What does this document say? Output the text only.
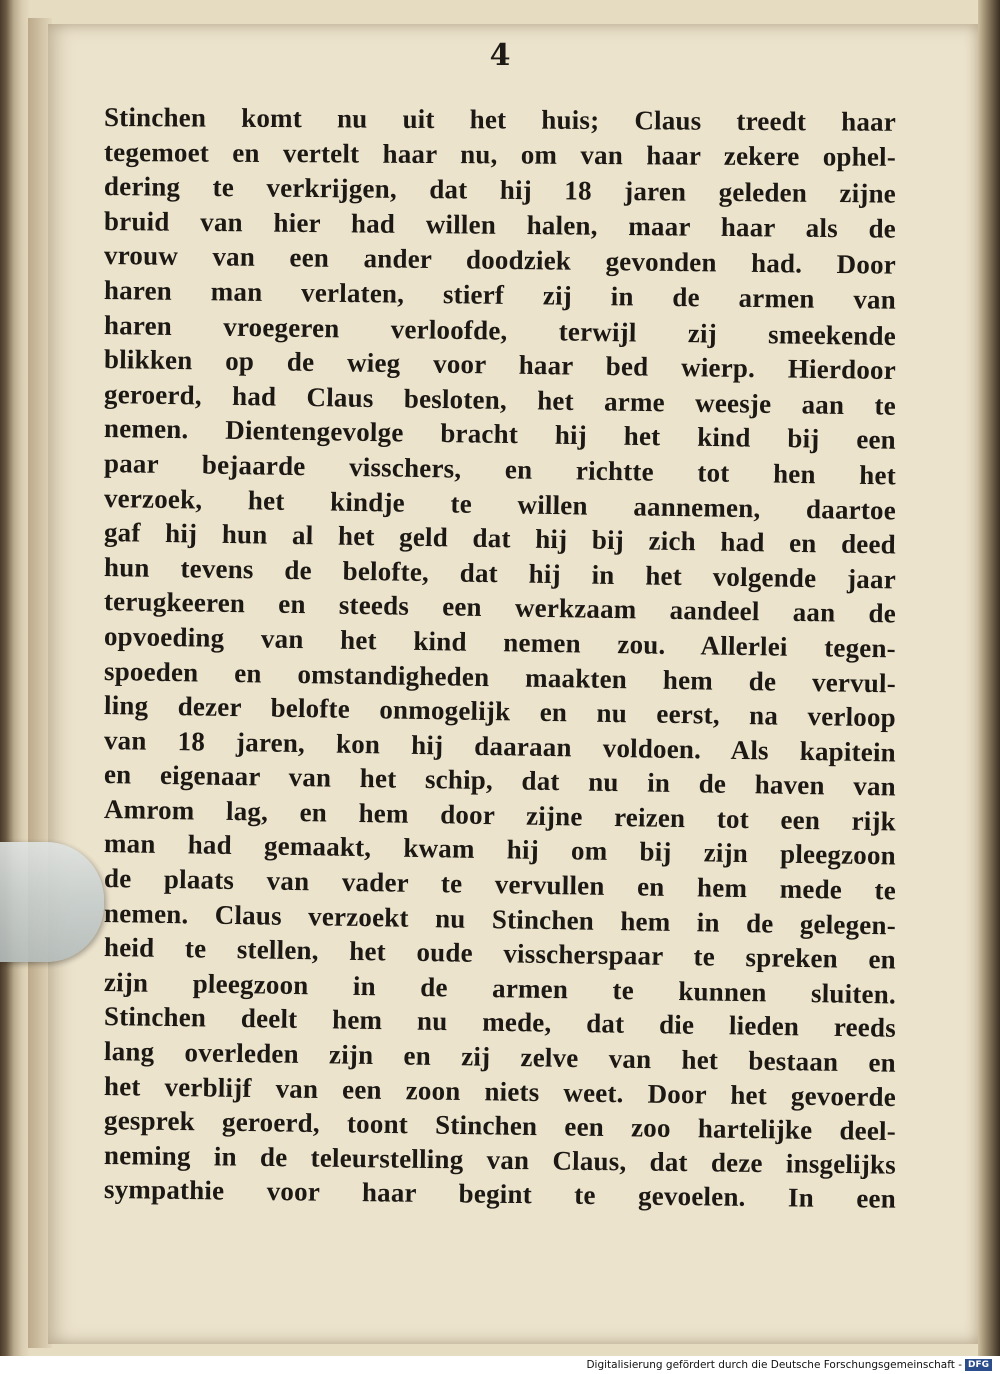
4
Stinchen komt nu uit het huis; Claus treedt haar
tegemoet en vertelt haar nu, om van haar zekere ophel-
dering te verkrijgen, dat hij 18 jaren geleden zijne
bruid van hier had willen halen, maar haar als de
vrouw van een ander doodziek gevonden had. Door
haren man verlaten, stierf zij in de armen van
haren vroegeren verloofde, terwijl zij smeekende
blikken op de wieg voor haar bed wierp. Hierdoor
geroerd, had Claus besloten, het arme weesje aan te
nemen. Dientengevolge bracht hij het kind bij een
paar bejaarde visschers, en richtte tot hen het
verzoek, het kindje te willen aannemen, daartoe
gaf hij hun al het geld dat hij bij zich had en deed
hun tevens de belofte, dat hij in het volgende jaar
terugkeeren en steeds een werkzaam aandeel aan de
opvoeding van het kind nemen zou. Allerlei tegen-
spoeden en omstandigheden maakten hem de vervul-
ling dezer belofte onmogelijk en nu eerst, na verloop
van 18 jaren, kon hij daaraan voldoen. Als kapitein
en eigenaar van het schip, dat nu in de haven van
Amrom lag, en hem door zijne reizen tot een rijk
man had gemaakt, kwam hij om bij zijn pleegzoon
de plaats van vader te vervullen en hem mede te
nemen. Claus verzoekt nu Stinchen hem in de gelegen-
heid te stellen, het oude visscherspaar te spreken en
zijn pleegzoon in de armen te kunnen sluiten.
Stinchen deelt hem nu mede, dat die lieden reeds
lang overleden zijn en zij zelve van het bestaan en
het verblijf van een zoon niets weet. Door het gevoerde
gesprek geroerd, toont Stinchen een zoo hartelijke deel-
neming in de teleurstelling van Claus, dat deze insgelijks
sympathie voor haar begint te gevoelen. In een
Digitalisierung gefördert durch die Deutsche Forschungsgemeinschaft - DFG
